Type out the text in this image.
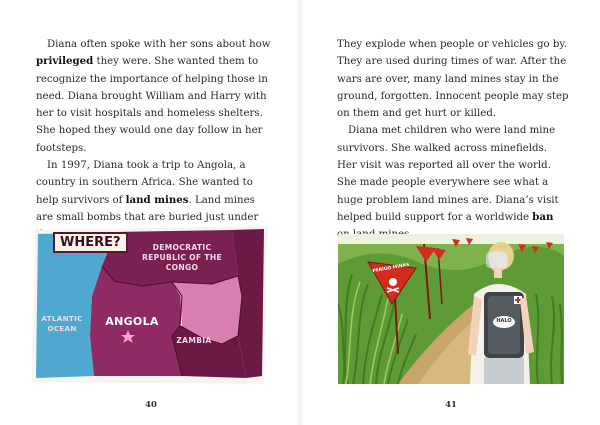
Diana often spoke with her sons about how privileged they were. She wanted them to recognize the importance of helping those in need. Diana brought William and Harry with her to visit hospitals and homeless shelters. She hoped they would one day follow in her footsteps.

In 1997, Diana took a trip to Angola, a country in southern Africa. She wanted to help survivors of land mines. Land mines are small bombs that are buried just under

WHERE?	DEMOCRATIC REPUBLIC OF THE CONGO
ATLANTIC OCEAN
ANGOLA
ZAMBIA
40

They explode when people or vehicles go by. They are used during times of war. After the wars are over, many land mines stay in the ground, forgotten. Innocent people may step on them and get hurt or killed.

Diana met children who were land mine survivors. She walked across minefields. Her visit was reported all over the world. She made people everywhere see what a huge problem land mines are. Diana’s visit helped build support for a worldwide ban

PERIGO MINAS
HALO
41
